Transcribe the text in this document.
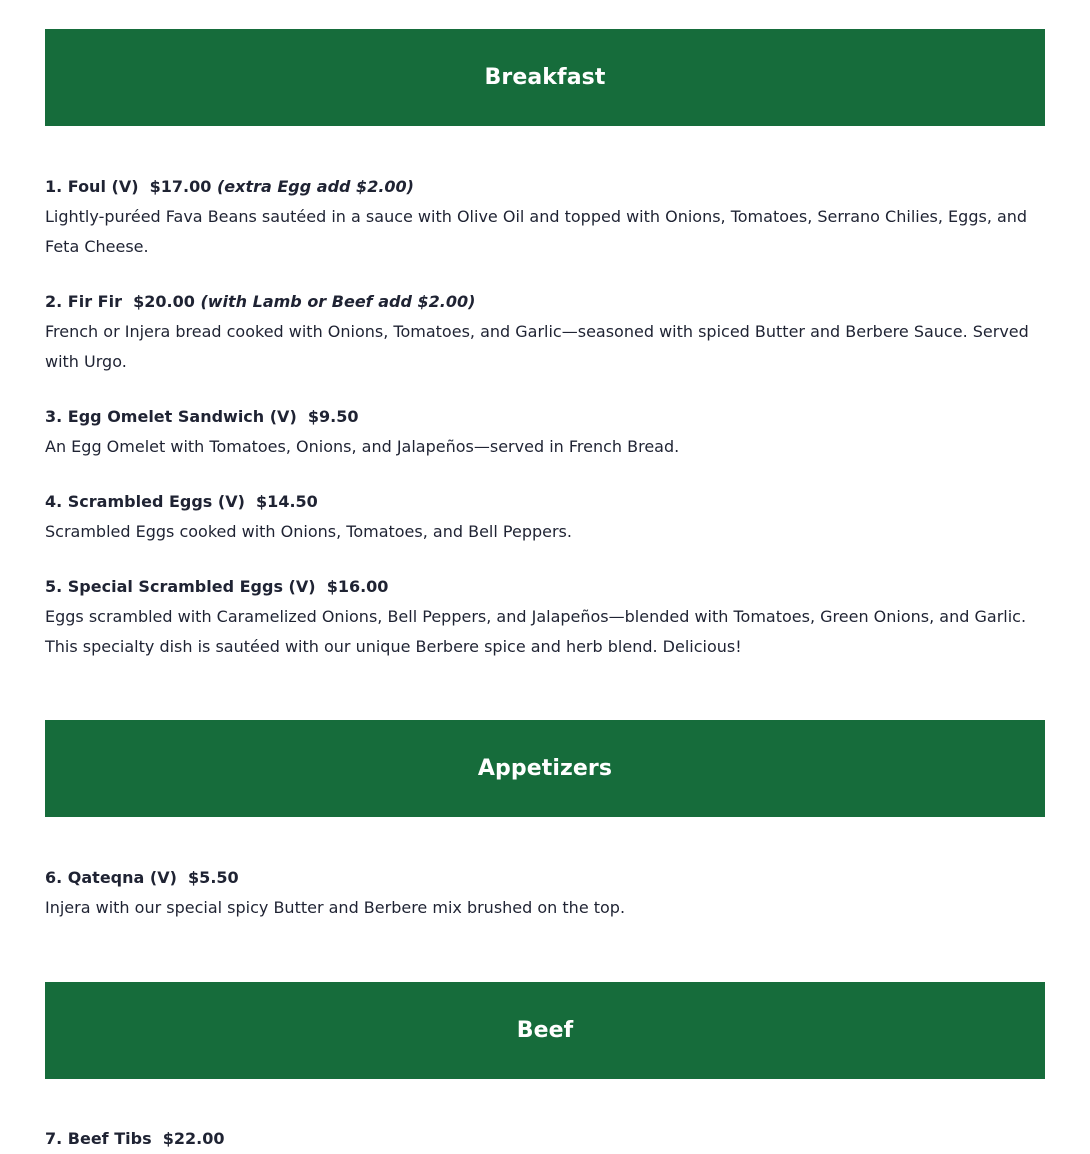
Breakfast
1. Foul (V) $17.00 (extra Egg add $2.00)
Lightly-puréed Fava Beans sautéed in a sauce with Olive Oil and topped with Onions, Tomatoes, Serrano Chilies, Eggs, and Feta Cheese.
2. Fir Fir $20.00 (with Lamb or Beef add $2.00)
French or Injera bread cooked with Onions, Tomatoes, and Garlic—seasoned with spiced Butter and Berbere Sauce. Served with Urgo.
3. Egg Omelet Sandwich (V) $9.50
An Egg Omelet with Tomatoes, Onions, and Jalapeños—served in French Bread.
4. Scrambled Eggs (V) $14.50
Scrambled Eggs cooked with Onions, Tomatoes, and Bell Peppers.
5. Special Scrambled Eggs (V) $16.00
Eggs scrambled with Caramelized Onions, Bell Peppers, and Jalapeños—blended with Tomatoes, Green Onions, and Garlic. This specialty dish is sautéed with our unique Berbere spice and herb blend. Delicious!
Appetizers
6. Qateqna (V) $5.50
Injera with our special spicy Butter and Berbere mix brushed on the top.
Beef
7. Beef Tibs $22.00
